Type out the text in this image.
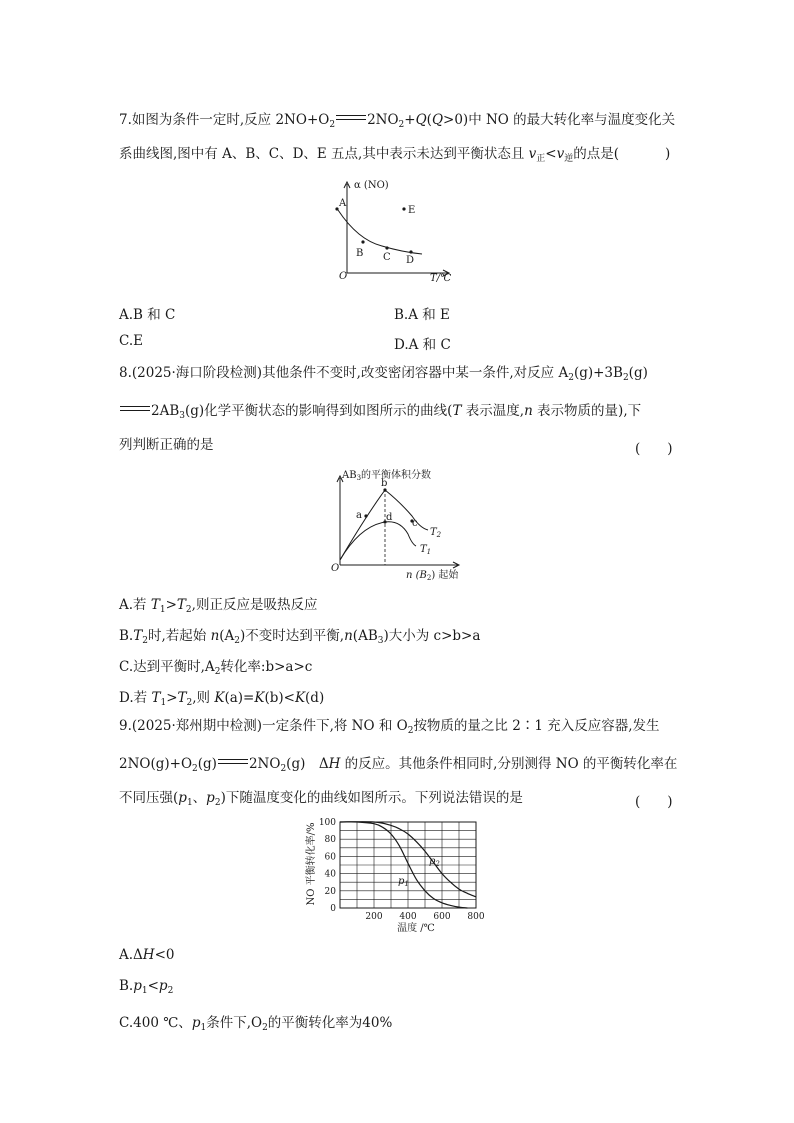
7.如图为条件一定时,反应 $2NO+O_2$ $2NO_2+Q(Q>0)$中 NO 的最大转化率与温度变化关
系曲线图,图中有 A、B、C、D、E 五点,其中表示未达到平衡状态且 $v_正<v_逆$的点是(	)
α (NO)
T/℃
O
A
E
B C D
A.B 和 C	B.A 和 E
C.E	D.A 和 C
8.(2025·海口阶段检测)其他条件不变时,改变密闭容器中某一条件,对反应 $A_2(g)+3B_2(g)$
$2AB_3(g)$化学平衡状态的影响得到如图所示的曲线(T 表示温度,n 表示物质的量),下
列判断正确的是	(　　)
$AB_3$的平衡体积分数
n $(B_2)$ 起始
O
a
b
c
d
$T_2$
$T_1$
A.若 $T_1>T_2$,则正反应是吸热反应
$B.T_2$时,若起始 $n(A_2)$不变时达到平衡$,n(AB_3)$大小为 c>b>a
C.达到平衡时$,A_2$转化率:b>a>c
D.若 $T_1>T_2$,则 K(a)=K(b)<K(d)
9.(2025·郑州期中检测)一定条件下,将 NO 和 $O_2$按物质的量之比 2∶1 充入反应容器,发生
$2NO(g)+O_2(g)$ $2NO_2(g)$　ΔH 的反应。其他条件相同时,分别测得 NO 的平衡转化率在
不同压强($p_1$、$p_2$)下随温度变化的曲线如图所示。下列说法错误的是	(　　)
NO 平衡转化率/%
温度 /℃
0
20
40
60
80
100
200 400 600 800
$p_1$
$p_2$
A.ΔH<0
$B.p_1<p_2$
C.400 ℃、$p_1$条件下$,O_2$的平衡转化率为40%
